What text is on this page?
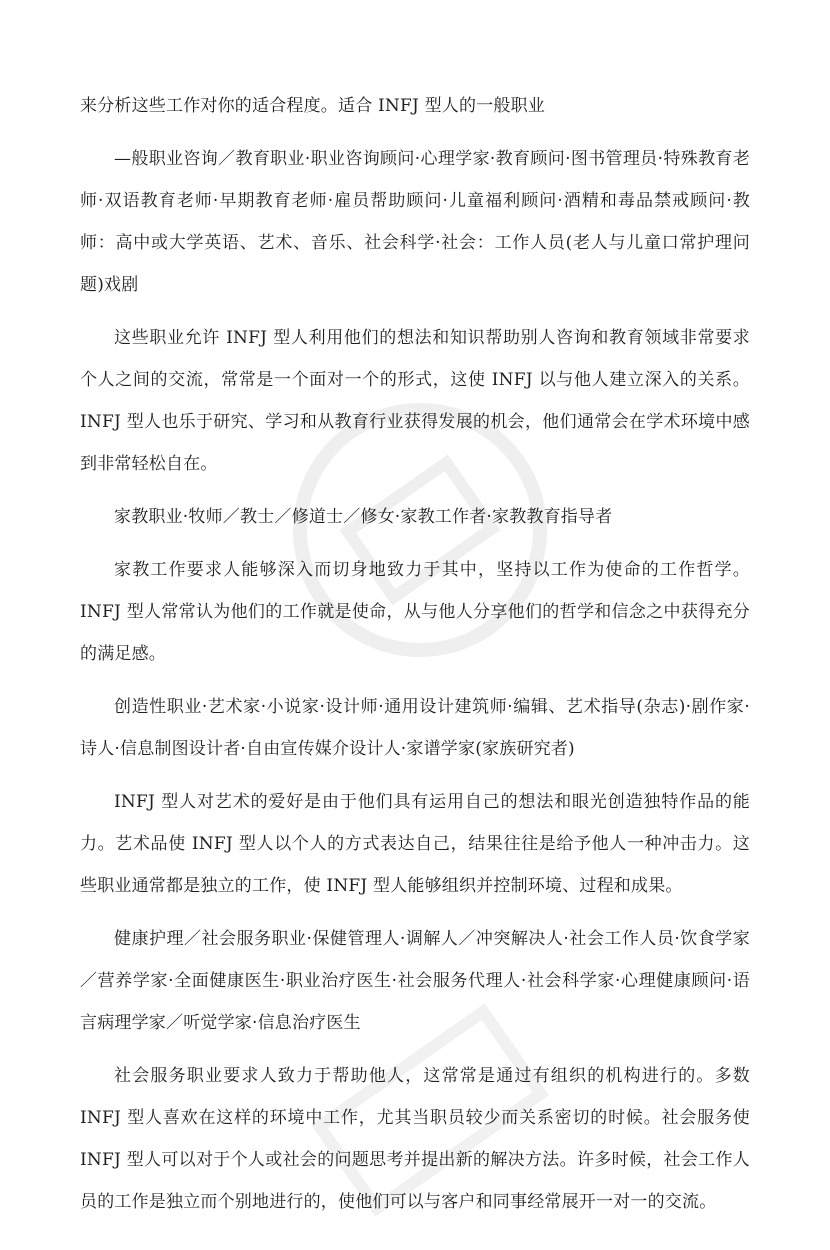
来分析这些工作对你的适合程度。适合 INFJ 型人的一般职业

—般职业咨询／教育职业·职业咨询顾问·心理学家·教育顾问·图书管理员·特殊教育老师·双语教育老师·早期教育老师·雇员帮助顾问·儿童福利顾问·酒精和毒品禁戒顾问·教师：高中或大学英语、艺术、音乐、社会科学·社会：工作人员(老人与儿童口常护理问题)戏剧

这些职业允许 INFJ 型人利用他们的想法和知识帮助别人咨询和教育领域非常要求个人之间的交流，常常是一个面对一个的形式，这使 INFJ 以与他人建立深入的关系。INFJ 型人也乐于研究、学习和从教育行业获得发展的机会，他们通常会在学术环境中感到非常轻松自在。

家教职业·牧师／教士／修道士／修女·家教工作者·家教教育指导者

家教工作要求人能够深入而切身地致力于其中，坚持以工作为使命的工作哲学。INFJ 型人常常认为他们的工作就是使命，从与他人分享他们的哲学和信念之中获得充分的满足感。

创造性职业·艺术家·小说家·设计师·通用设计建筑师·编辑、艺术指导(杂志)·剧作家·诗人·信息制图设计者·自由宣传媒介设计人·家谱学家(家族研究者)

INFJ 型人对艺术的爱好是由于他们具有运用自己的想法和眼光创造独特作品的能力。艺术品使 INFJ 型人以个人的方式表达自己，结果往往是给予他人一种冲击力。这些职业通常都是独立的工作，使 INFJ 型人能够组织并控制环境、过程和成果。

健康护理／社会服务职业·保健管理人·调解人／冲突解决人·社会工作人员·饮食学家／营养学家·全面健康医生·职业治疗医生·社会服务代理人·社会科学家·心理健康顾问·语言病理学家／听觉学家·信息治疗医生

社会服务职业要求人致力于帮助他人，这常常是通过有组织的机构进行的。多数 INFJ 型人喜欢在这样的环境中工作，尤其当职员较少而关系密切的时候。社会服务使 INFJ 型人可以对于个人或社会的问题思考并提出新的解决方法。许多时候，社会工作人员的工作是独立而个别地进行的，使他们可以与客户和同事经常展开一对一的交流。
